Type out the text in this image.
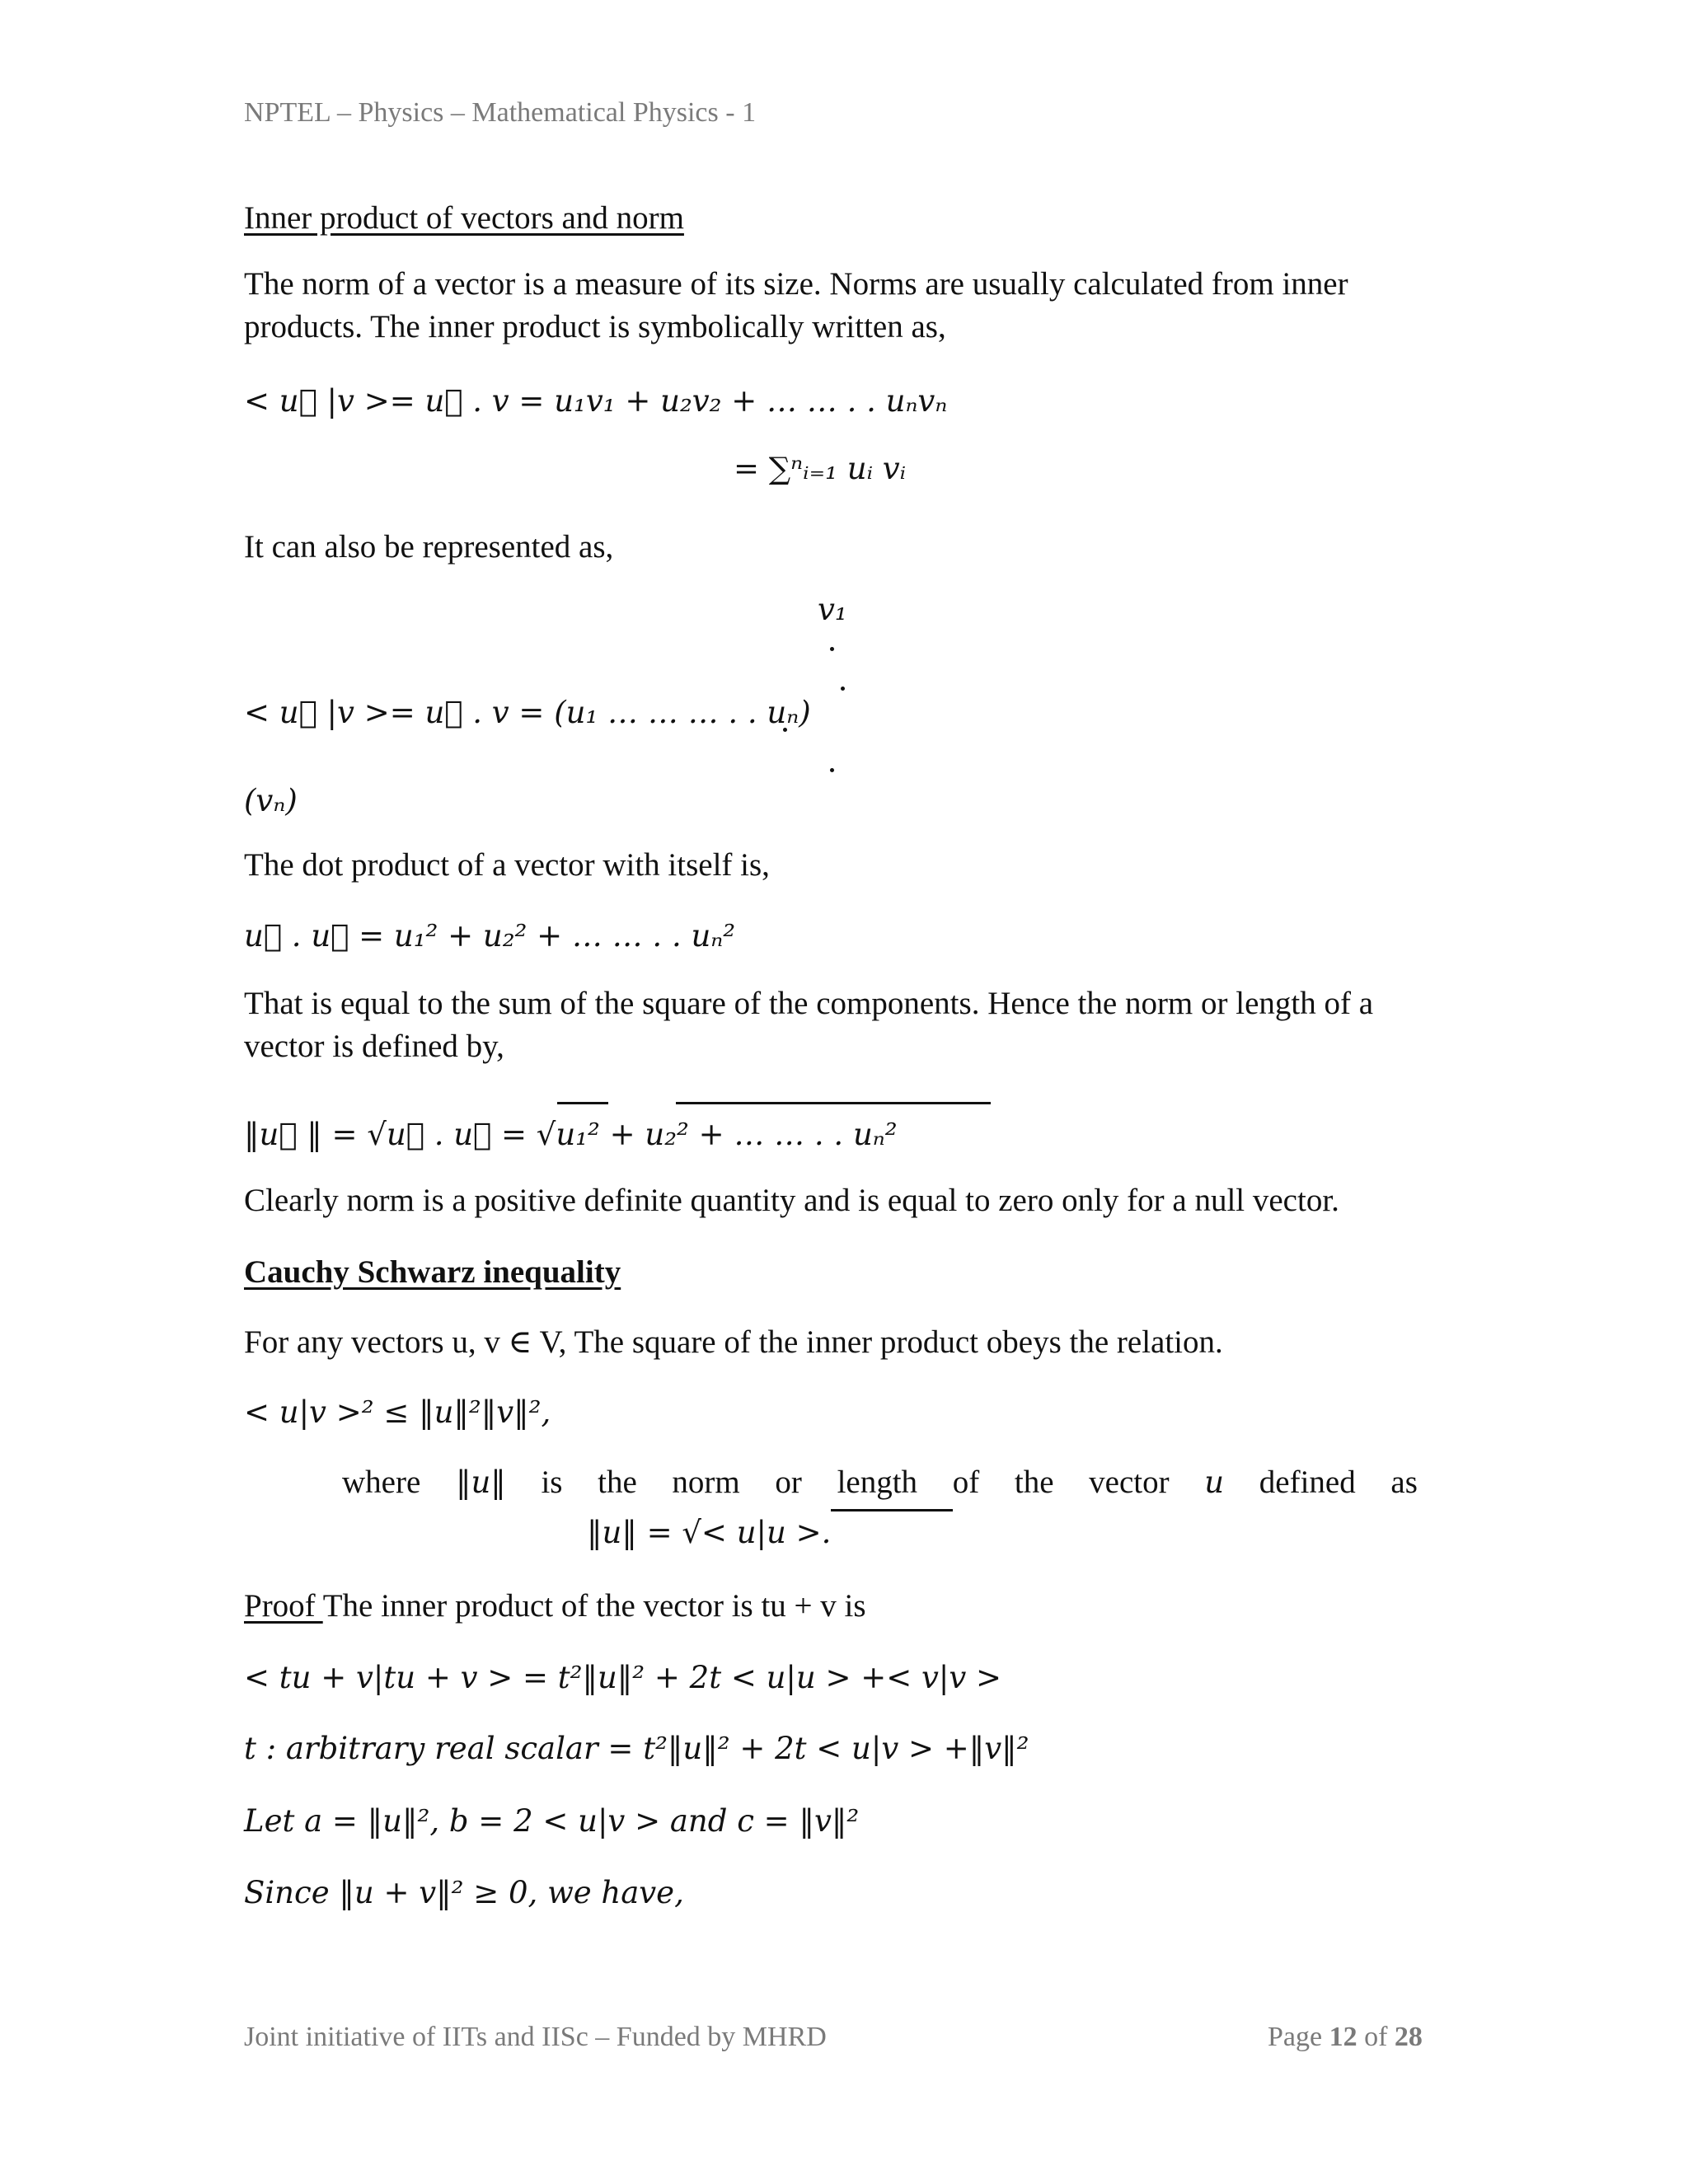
NPTEL – Physics – Mathematical Physics - 1
Inner product of vectors and norm
The norm of a vector is a measure of its size. Norms are usually calculated from inner
products. The inner product is symbolically written as,
< u⃗ |v >= u⃗ . v = u₁v₁ + u₂v₂ + … … . . uₙvₙ
= ∑ⁿᵢ₌₁ uᵢ vᵢ
It can also be represented as,
v₁
< u⃗ |v >= u⃗ . v = (u₁ … … … . . uₙ)
(vₙ)
The dot product of a vector with itself is,
u⃗ . u⃗ = u₁² + u₂² + … … . . uₙ²
That is equal to the sum of the square of the components. Hence the norm or length of a
vector is defined by,
‖u⃗ ‖ = √u⃗ . u⃗ = √u₁² + u₂² + … … . . uₙ²
Clearly norm is a positive definite quantity and is equal to zero only for a null vector.
Cauchy Schwarz inequality
For any vectors u, v ∈ V, The square of the inner product obeys the relation.
< u|v >² ≤ ‖u‖²‖v‖²,
where ‖u‖ is the norm or length of the vector u defined as
‖u‖ = √< u|u >.
Proof The inner product of the vector is tu + v is
< tu + v|tu + v > = t²‖u‖² + 2t < u|u > +< v|v >
t : arbitrary real scalar = t²‖u‖² + 2t < u|v > +‖v‖²
Let a = ‖u‖², b = 2 < u|v > and c = ‖v‖²
Since ‖u + v‖² ≥ 0, we have,
Joint initiative of IITs and IISc – Funded by MHRD	Page 12 of 28
